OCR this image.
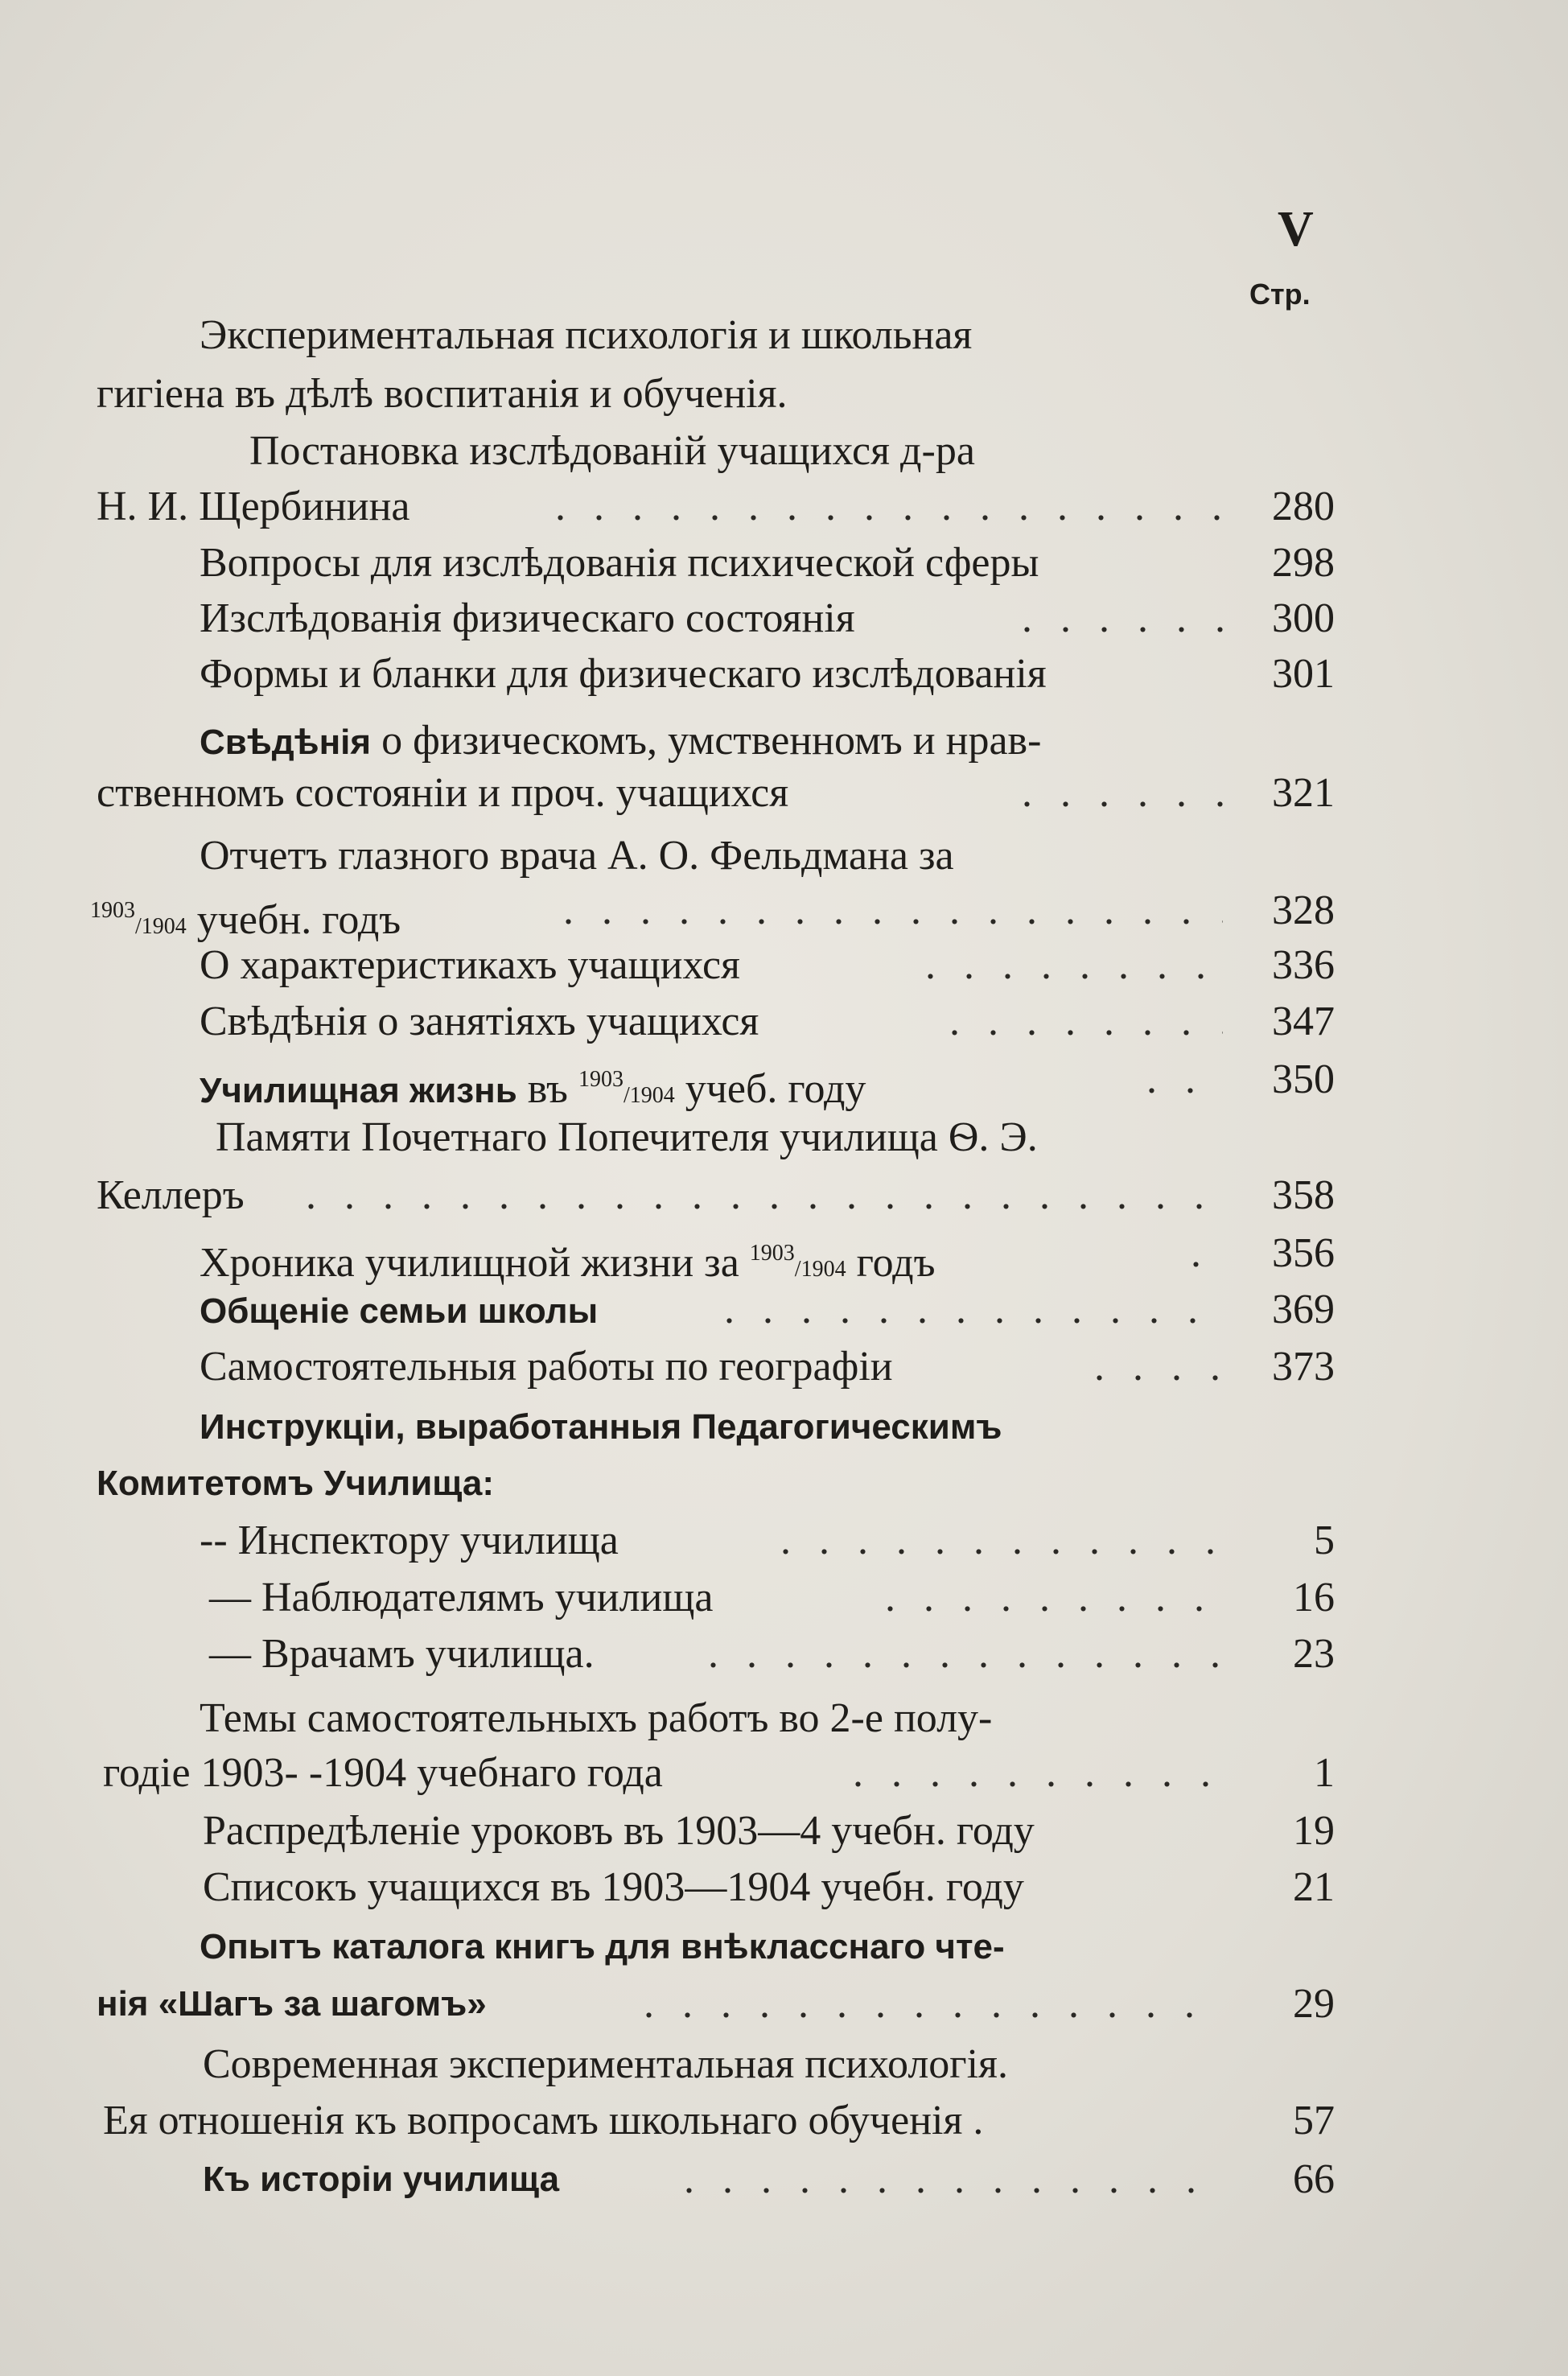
V
Стр.
Экспериментальная психологія и школьная
гигіена въ дѣлѣ воспитанія и обученія.
Постановка изслѣдованій учащихся д-ра
Н. И. Щербинина . . .	280
Вопросы для изслѣдованія психической сферы	298
Изслѣдованія физическаго состоянія . . .	300
Формы и бланки для физическаго изслѣдованія	301
Свѣдѣнія о физическомъ, умственномъ и нрав-
ственномъ состояніи и проч. учащихся . . .	321
Отчетъ глазного врача А. О. Фельдмана за
$^{1903}$/1904 учебн. годъ . . .	328
О характеристикахъ учащихся . . .	336
Свѣдѣнія о занятіяхъ учащихся . . .	347
Училищная жизнь въ $^{1903}$/1904 учеб. году . . .	350
Памяти Почетнаго Попечителя училища Ѳ. Э.
Келлеръ . . .	358
Хроника училищной жизни за $^{1903}$/1904 годъ . . .	356
Общеніе семьи школы . . .	369
Самостоятельныя работы по географіи . . .	373
Инструкціи, выработанныя Педагогическимъ
Комитетомъ Училища:
-- Инспектору училища . . .	5
— Наблюдателямъ училища . . .	16
— Врачамъ училища. . . .	23
Темы самостоятельныхъ работъ во 2-е полу-
годіе 1903- -1904 учебнаго года . . .	1
Распредѣленіе уроковъ въ 1903—4 учебн. году	19
Списокъ учащихся въ 1903—1904 учебн. году	21
Опытъ каталога книгъ для внѣкласснаго чте-
нія «Шагъ за шагомъ» . . .	29
Современная экспериментальная психологія.
Ея отношенія къ вопросамъ школьнаго обученія .	57
Къ исторіи училища . . .	66
